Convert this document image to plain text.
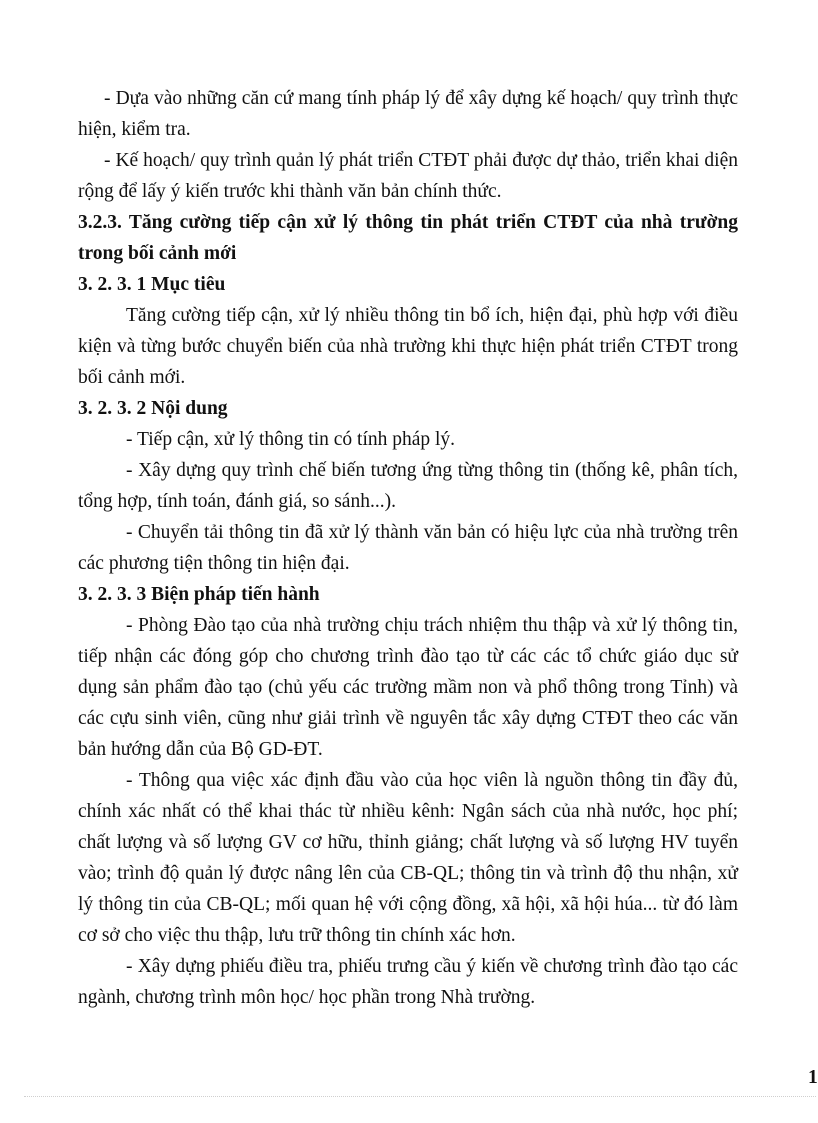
- Dựa vào những căn cứ mang tính pháp lý để xây dựng kế hoạch/ quy trình thực hiện, kiểm tra.

- Kế hoạch/ quy trình quản lý phát triển CTĐT phải được dự thảo, triển khai diện rộng để lấy ý kiến trước khi thành văn bản chính thức.

3.2.3. Tăng cường tiếp cận xử lý thông tin phát triển CTĐT của nhà trường trong bối cảnh mới

3. 2. 3. 1 Mục tiêu

Tăng cường tiếp cận, xử lý nhiều thông tin bổ ích, hiện đại, phù hợp với điều kiện và từng bước chuyển biến của nhà trường khi thực hiện phát triển CTĐT trong bối cảnh mới.

3. 2. 3. 2 Nội dung

- Tiếp cận, xử lý thông tin có tính pháp lý.

- Xây dựng quy trình chế biến tương ứng từng thông tin (thống kê, phân tích, tổng hợp, tính toán, đánh giá, so sánh...).

- Chuyển tải thông tin đã xử lý thành văn bản có hiệu lực của nhà trường trên các phương tiện thông tin hiện đại.

3. 2. 3. 3 Biện pháp tiến hành

- Phòng Đào tạo của nhà trường chịu trách nhiệm thu thập và xử lý thông tin, tiếp nhận các đóng góp cho chương trình đào tạo từ các các tổ chức giáo dục sử dụng sản phẩm đào tạo (chủ yếu các trường mầm non và phổ thông trong Tỉnh) và các cựu sinh viên, cũng như giải trình về nguyên tắc xây dựng CTĐT theo các văn bản hướng dẫn của Bộ GD-ĐT.

- Thông qua việc xác định đầu vào của học viên là nguồn thông tin đầy đủ, chính xác nhất có thể khai thác từ nhiều kênh: Ngân sách của nhà nước, học phí; chất lượng và số lượng GV cơ hữu, thỉnh giảng; chất lượng và số lượng HV tuyển vào; trình độ quản lý được nâng lên của CB-QL; thông tin và trình độ thu nhận, xử lý thông tin của CB-QL; mối quan hệ với cộng đồng, xã hội, xã hội húa... từ đó làm cơ sở cho việc thu thập, lưu trữ thông tin chính xác hơn.

- Xây dựng phiếu điều tra, phiếu trưng cầu ý kiến về chương trình đào tạo các ngành, chương trình môn học/ học phần trong Nhà trường.

1
